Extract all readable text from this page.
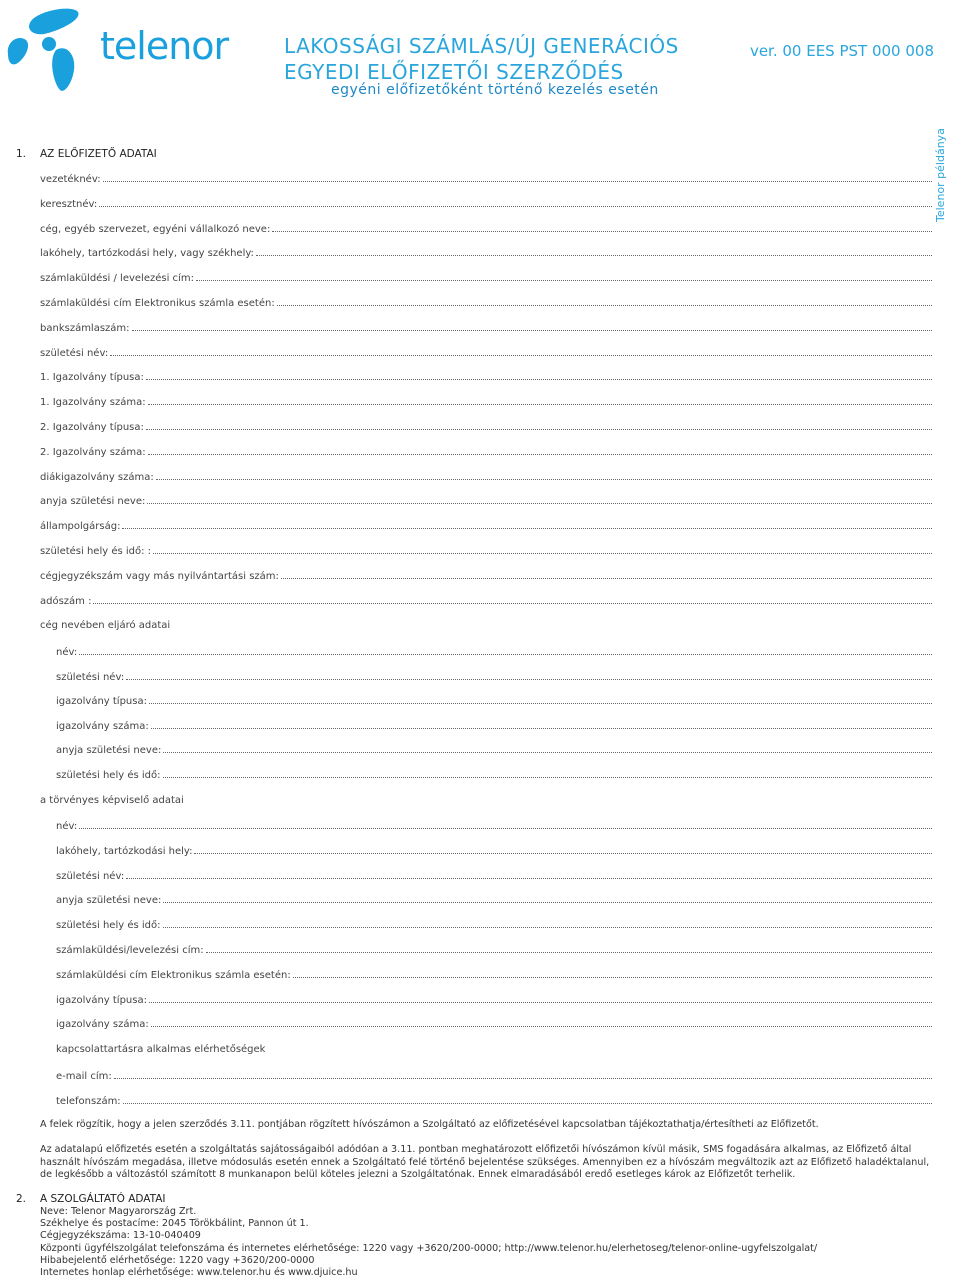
telenor	LAKOSSÁGI SZÁMLÁS/ÚJ GENERÁCIÓS
EGYEDI ELŐFIZETŐI SZERZŐDÉS
egyéni előfizetőként történő kezelés esetén
ver. 00 EES PST 000 008
Telenor példánya
1. AZ ELŐFIZETŐ ADATAI
vezetéknév:
keresztnév:
cég, egyéb szervezet, egyéni vállalkozó neve:
lakóhely, tartózkodási hely, vagy székhely:
számlaküldési / levelezési cím:
számlaküldési cím Elektronikus számla esetén:
bankszámlaszám:
születési név:
1. Igazolvány típusa:
1. Igazolvány száma:
2. Igazolvány típusa:
2. Igazolvány száma:
diákigazolvány száma:
anyja születési neve:
állampolgárság:
születési hely és idő: :
cégjegyzékszám vagy más nyilvántartási szám:
adószám :
cég nevében eljáró adatai
név:
születési név:
igazolvány típusa:
igazolvány száma:
anyja születési neve:
születési hely és idő:
a törvényes képviselő adatai
név:
lakóhely, tartózkodási hely:
születési név:
anyja születési neve:
születési hely és idő:
számlaküldési/levelezési cím:
számlaküldési cím Elektronikus számla esetén:
igazolvány típusa:
igazolvány száma:
kapcsolattartásra alkalmas elérhetőségek
e-mail cím:
telefonszám:
A felek rögzítik, hogy a jelen szerződés 3.11. pontjában rögzített hívószámon a Szolgáltató az előfizetésével kapcsolatban tájékoztathatja/értesítheti az Előfizetőt.
Az adatalapú előfizetés esetén a szolgáltatás sajátosságaiból adódóan a 3.11. pontban meghatározott előfizetői hívószámon kívül másik, SMS fogadására alkalmas, az Előfizető által használt hívószám megadása, illetve módosulás esetén ennek a Szolgáltató felé történő bejelentése szükséges. Amennyiben ez a hívószám megváltozik azt az Előfizető haladéktalanul, de legkésőbb a változástól számított 8 munkanapon belül köteles jelezni a Szolgáltatónak. Ennek elmaradásából eredő esetleges károk az Előfizetőt terhelik.
2. A SZOLGÁLTATÓ ADATAI
Neve: Telenor Magyarország Zrt.
Székhelye és postacíme: 2045 Törökbálint, Pannon út 1.
Cégjegyzékszáma: 13-10-040409
Központi ügyfélszolgálat telefonszáma és internetes elérhetősége: 1220 vagy +3620/200-0000; http://www.telenor.hu/elerhetoseg/telenor-online-ugyfelszolgalat/
Hibabejelentő elérhetősége: 1220 vagy +3620/200-0000
Internetes honlap elérhetősége: www.telenor.hu és www.djuice.hu
